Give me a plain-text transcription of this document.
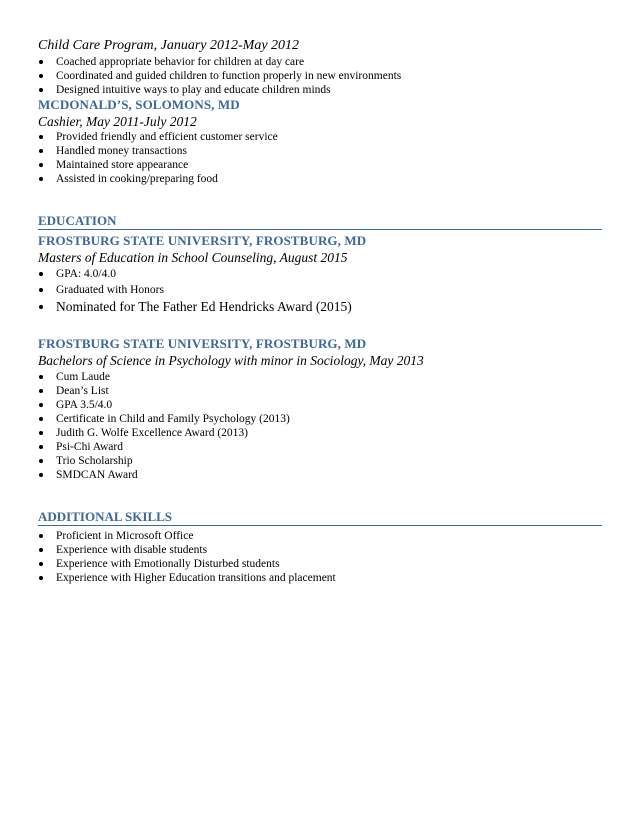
Child Care Program, January 2012-May 2012
Coached appropriate behavior for children at day care
Coordinated and guided children to function properly in new environments
Designed intuitive ways to play and educate children minds
MCDONALD’S, SOLOMONS, MD
Cashier, May 2011-July 2012
Provided friendly and efficient customer service
Handled money transactions
Maintained store appearance
Assisted in cooking/preparing food
EDUCATION
FROSTBURG STATE UNIVERSITY, FROSTBURG, MD
Masters of Education in School Counseling, August 2015
GPA: 4.0/4.0
Graduated with Honors
Nominated for The Father Ed Hendricks Award (2015)
FROSTBURG STATE UNIVERSITY, FROSTBURG, MD
Bachelors of Science in Psychology with minor in Sociology, May 2013
Cum Laude
Dean’s List
GPA 3.5/4.0
Certificate in Child and Family Psychology (2013)
Judith G. Wolfe Excellence Award (2013)
Psi-Chi Award
Trio Scholarship
SMDCAN Award
ADDITIONAL SKILLS
Proficient in Microsoft Office
Experience with disable students
Experience with Emotionally Disturbed students
Experience with Higher Education transitions and placement
